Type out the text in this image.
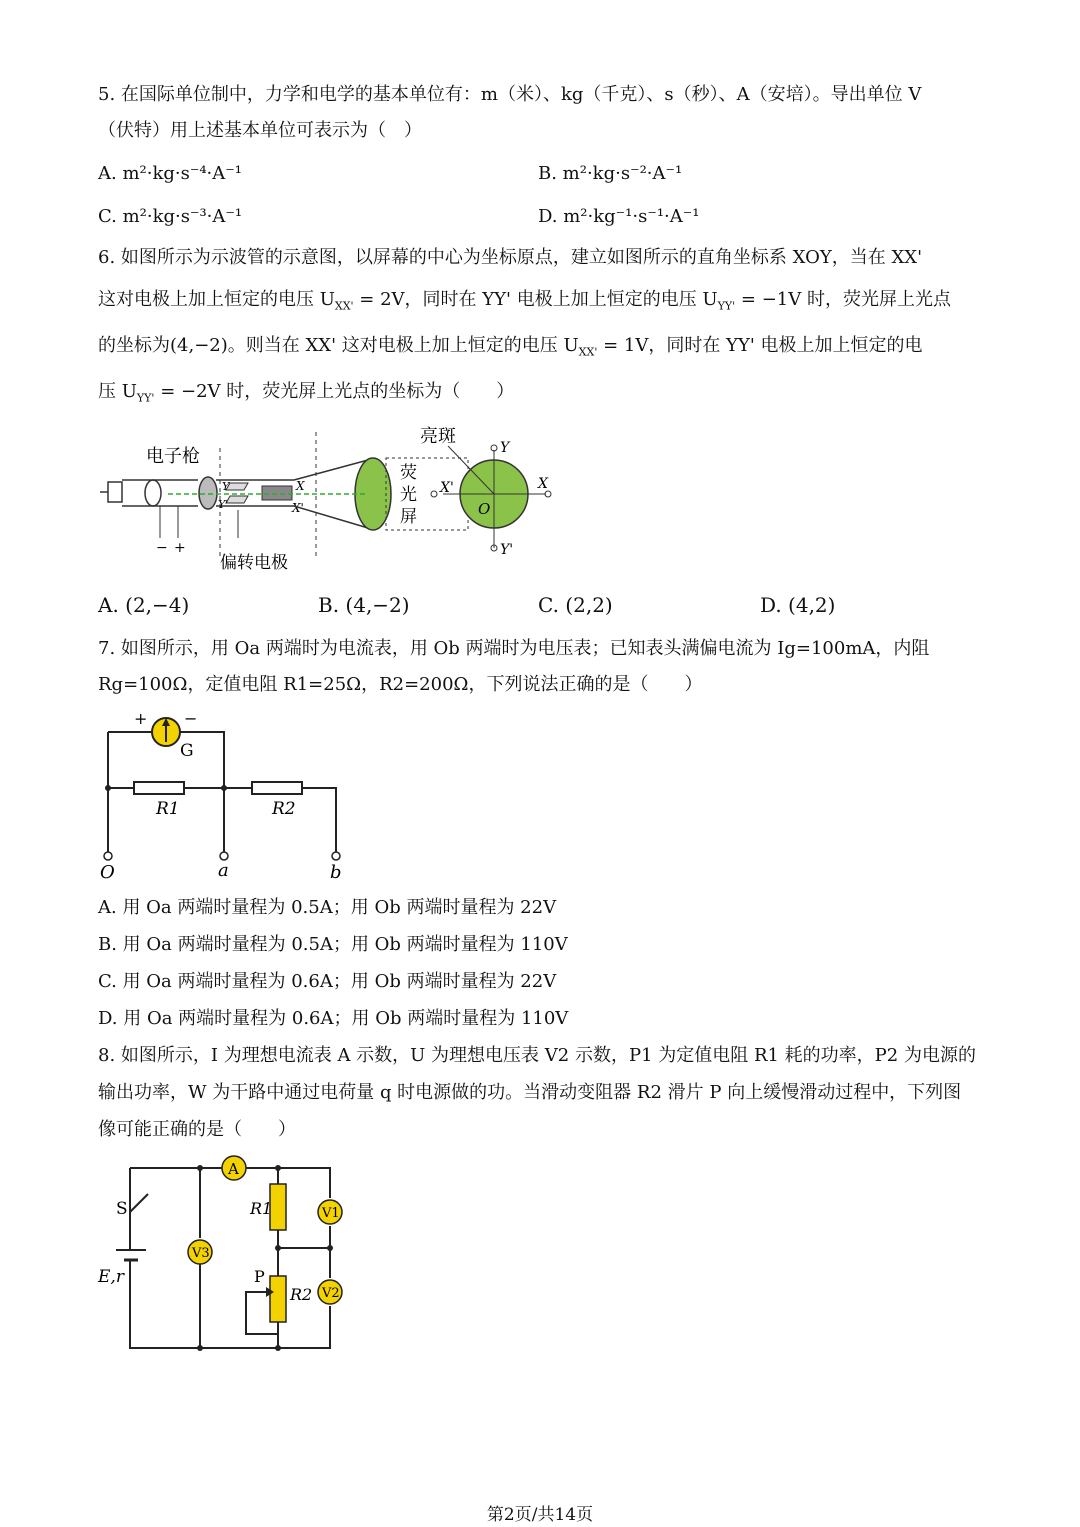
5. 在国际单位制中，力学和电学的基本单位有：m（米）、kg（千克）、s（秒）、A（安培）。导出单位 V
（伏特）用上述基本单位可表示为（　）
A. m²·kg·s⁻⁴·A⁻¹	B. m²·kg·s⁻²·A⁻¹
C. m²·kg·s⁻³·A⁻¹	D. m²·kg⁻¹·s⁻¹·A⁻¹
6. 如图所示为示波管的示意图，以屏幕的中心为坐标原点，建立如图所示的直角坐标系 XOY，当在 XX'
这对电极上加上恒定的电压 $U_{XX'} = 2V$，同时在 YY' 电极上加上恒定的电压 $U_{YY'} = -1V$ 时，荧光屏上光点
的坐标为(4,−2)。则当在 XX' 这对电极上加上恒定的电压 $U_{XX'} = 1V$，同时在 YY' 电极上加上恒定的电
压 $U_{YY'} = -2V$ 时，荧光屏上光点的坐标为（　　）
电子枪
亮斑
− +
Y
Y'
X
X'
偏转电极
荧
光
屏
Y
Y'
X
X'
O
A. (2,−4)	B. (4,−2)	C. (2,2)	D. (4,2)
7. 如图所示，用 Oa 两端时为电流表，用 Ob 两端时为电压表；已知表头满偏电流为 Ig=100mA，内阻
Rg=100Ω，定值电阻 R1=25Ω，R2=200Ω，下列说法正确的是（　　）
+ −
G
R1	R2
O	a	b
A. 用 Oa 两端时量程为 0.5A；用 Ob 两端时量程为 22V
B. 用 Oa 两端时量程为 0.5A；用 Ob 两端时量程为 110V
C. 用 Oa 两端时量程为 0.6A；用 Ob 两端时量程为 22V
D. 用 Oa 两端时量程为 0.6A；用 Ob 两端时量程为 110V
8. 如图所示，I 为理想电流表 A 示数，U 为理想电压表 V2 示数，P1 为定值电阻 R1 耗的功率，P2 为电源的
输出功率，W 为干路中通过电荷量 q 时电源做的功。当滑动变阻器 R2 滑片 P 向上缓慢滑动过程中，下列图
像可能正确的是（　　）
S
E,r
V3
A
R1
P
R2
V1
V2
第2页/共14页
